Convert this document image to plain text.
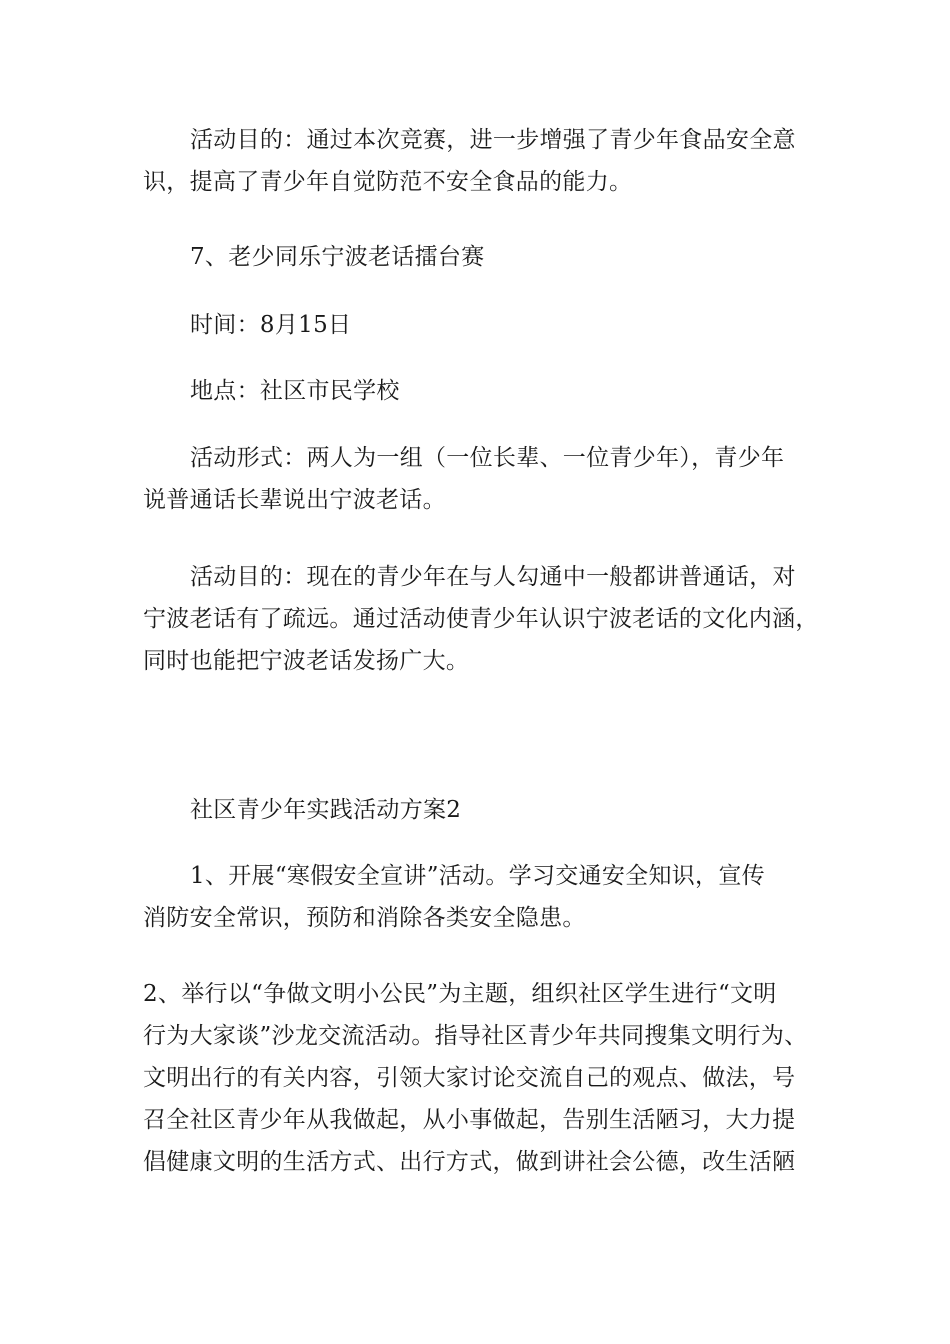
活动目的：通过本次竞赛，进一步增强了青少年食品安全意
识，提高了青少年自觉防范不安全食品的能力。
7、老少同乐宁波老话擂台赛
时间：8月15日
地点：社区市民学校
活动形式：两人为一组（一位长辈、一位青少年），青少年
说普通话长辈说出宁波老话。
活动目的：现在的青少年在与人勾通中一般都讲普通话，对
宁波老话有了疏远。通过活动使青少年认识宁波老话的文化内涵，
同时也能把宁波老话发扬广大。
社区青少年实践活动方案2
1、开展“寒假安全宣讲”活动。学习交通安全知识，宣传
消防安全常识，预防和消除各类安全隐患。
2、举行以“争做文明小公民”为主题，组织社区学生进行“文明
行为大家谈”沙龙交流活动。指导社区青少年共同搜集文明行为、
文明出行的有关内容，引领大家讨论交流自己的观点、做法，号
召全社区青少年从我做起，从小事做起，告别生活陋习，大力提
倡健康文明的生活方式、出行方式，做到讲社会公德，改生活陋
